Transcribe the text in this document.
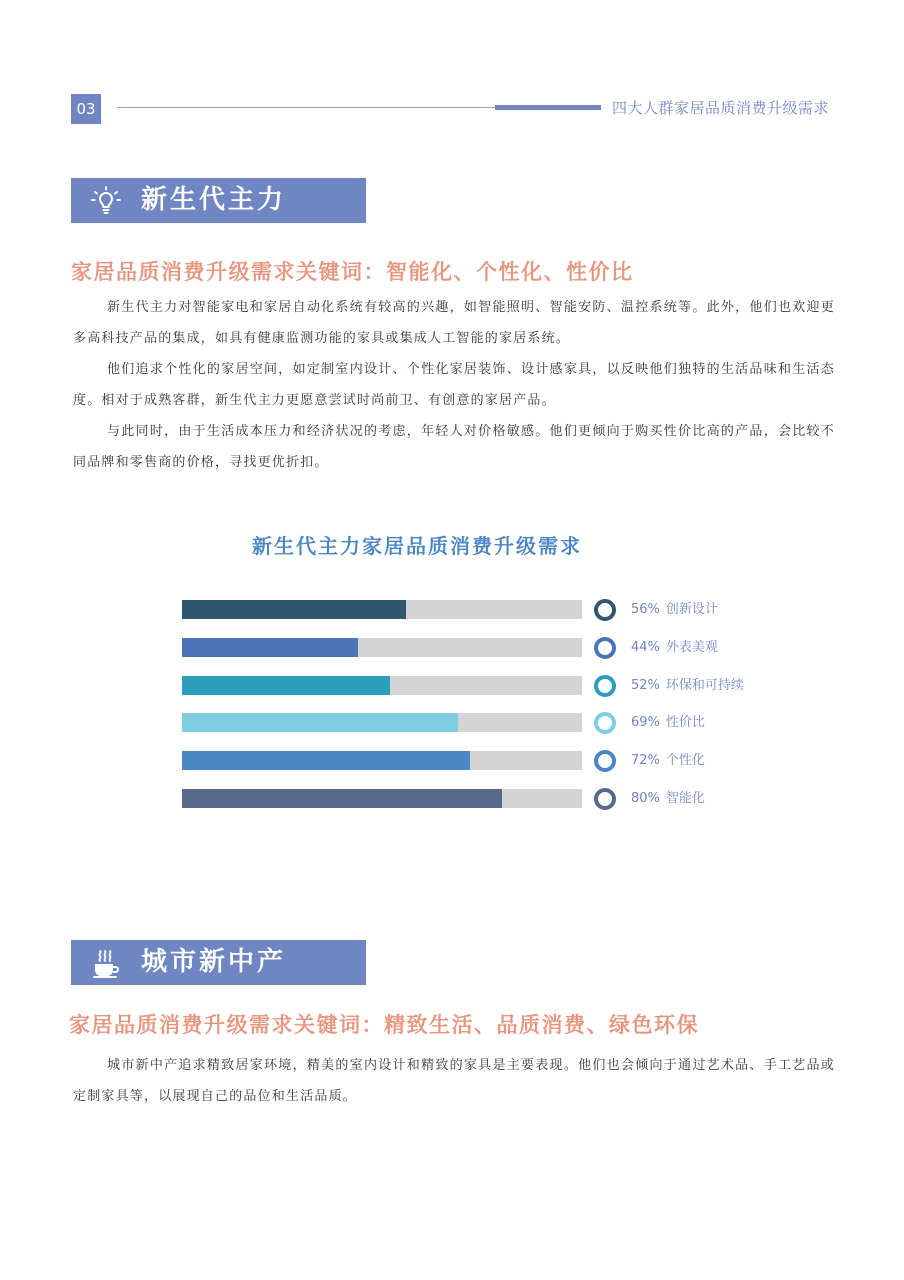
03	四大人群家居品质消费升级需求
新生代主力
家居品质消费升级需求关键词：智能化、个性化、性价比
新生代主力对智能家电和家居自动化系统有较高的兴趣，如智能照明、智能安防、温控系统等。此外，他们也欢迎更多高科技产品的集成，如具有健康监测功能的家具或集成人工智能的家居系统。
他们追求个性化的家居空间，如定制室内设计、个性化家居装饰、设计感家具，以反映他们独特的生活品味和生活态度。相对于成熟客群，新生代主力更愿意尝试时尚前卫、有创意的家居产品。
与此同时，由于生活成本压力和经济状况的考虑，年轻人对价格敏感。他们更倾向于购买性价比高的产品，会比较不同品牌和零售商的价格，寻找更优折扣。
新生代主力家居品质消费升级需求
56% 创新设计
44% 外表美观
52% 环保和可持续
69% 性价比
72% 个性化
80% 智能化
城市新中产
家居品质消费升级需求关键词：精致生活、品质消费、绿色环保
城市新中产追求精致居家环境，精美的室内设计和精致的家具是主要表现。他们也会倾向于通过艺术品、手工艺品或定制家具等，以展现自己的品位和生活品质。
